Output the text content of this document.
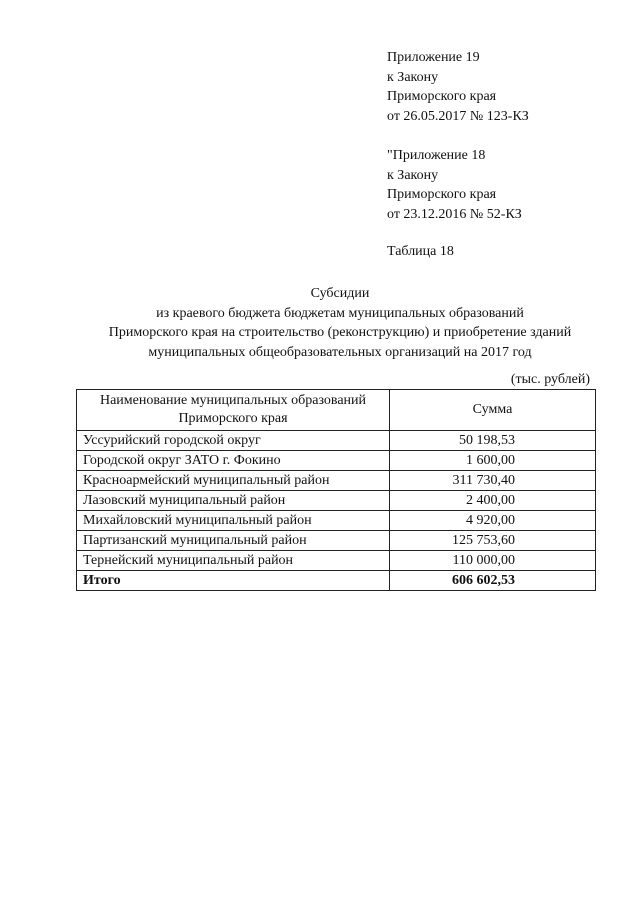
Приложение 19
к Закону
Приморского края
от 26.05.2017 № 123-КЗ
"Приложение 18
к Закону
Приморского края
от 23.12.2016 № 52-КЗ
Таблица 18
Субсидии
из краевого бюджета бюджетам муниципальных образований
Приморского края на строительство (реконструкцию) и приобретение зданий
муниципальных общеобразовательных организаций на 2017 год
(тыс. рублей)
Наименование муниципальных образований
Приморского края	Сумма
Уссурийский городской округ	50 198,53
Городской округ ЗАТО г. Фокино	1 600,00
Красноармейский муниципальный район	311 730,40
Лазовский муниципальный район	2 400,00
Михайловский муниципальный район	4 920,00
Партизанский муниципальный район	125 753,60
Тернейский муниципальный район	110 000,00
Итого	606 602,53
